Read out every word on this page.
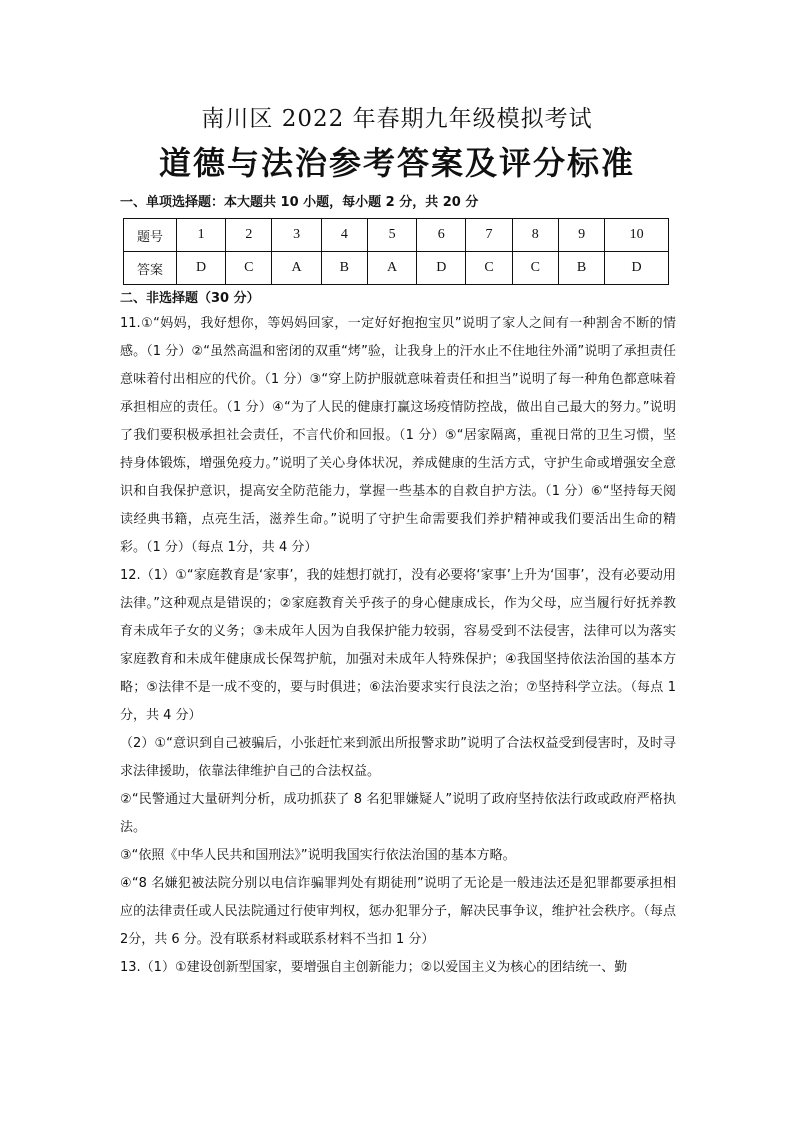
南川区 2022 年春期九年级模拟考试
道德与法治参考答案及评分标准
一、单项选择题：本大题共 10 小题，每小题 2 分，共 20 分
题号	1	2	3	4	5	6	7	8	9	10
答案	D	C	A	B	A	D	C	C	B	D
二、非选择题（30 分）

11.①“妈妈，我好想你，等妈妈回家，一定好好抱抱宝贝”说明了家人之间有一种割舍不断的情感。（1 分）②“虽然高温和密闭的双重“烤”验，让我身上的汗水止不住地往外涌”说明了承担责任意味着付出相应的代价。（1 分）③“穿上防护服就意味着责任和担当”说明了每一种角色都意味着承担相应的责任。（1 分）④“为了人民的健康打赢这场疫情防控战，做出自己最大的努力。”说明了我们要积极承担社会责任，不言代价和回报。（1 分）⑤“居家隔离，重视日常的卫生习惯，坚持身体锻炼，增强免疫力。”说明了关心身体状况，养成健康的生活方式，守护生命或增强安全意识和自我保护意识，提高安全防范能力，掌握一些基本的自救自护方法。（1 分）⑥“坚持每天阅读经典书籍，点亮生活，滋养生命。”说明了守护生命需要我们养护精神或我们要活出生命的精彩。（1 分）（每点 1分，共 4 分）

12.（1）①“家庭教育是‘家事’，我的娃想打就打，没有必要将‘家事’上升为‘国事’，没有必要动用法律。”这种观点是错误的；②家庭教育关乎孩子的身心健康成长，作为父母，应当履行好抚养教育未成年子女的义务；③未成年人因为自我保护能力较弱，容易受到不法侵害，法律可以为落实家庭教育和未成年健康成长保驾护航，加强对未成年人特殊保护；④我国坚持依法治国的基本方略；⑤法律不是一成不变的，要与时俱进；⑥法治要求实行良法之治；⑦坚持科学立法。（每点 1分，共 4 分）

（2）①“意识到自己被骗后，小张赶忙来到派出所报警求助”说明了合法权益受到侵害时，及时寻求法律援助，依靠法律维护自己的合法权益。

②“民警通过大量研判分析，成功抓获了 8 名犯罪嫌疑人”说明了政府坚持依法行政或政府严格执法。

③“依照《中华人民共和国刑法》”说明我国实行依法治国的基本方略。

④“8 名嫌犯被法院分别以电信诈骗罪判处有期徒刑”说明了无论是一般违法还是犯罪都要承担相应的法律责任或人民法院通过行使审判权，惩办犯罪分子，解决民事争议，维护社会秩序。（每点 2分，共 6 分。没有联系材料或联系材料不当扣 1 分）

13.（1）①建设创新型国家，要增强自主创新能力；②以爱国主义为核心的团结统一、勤
